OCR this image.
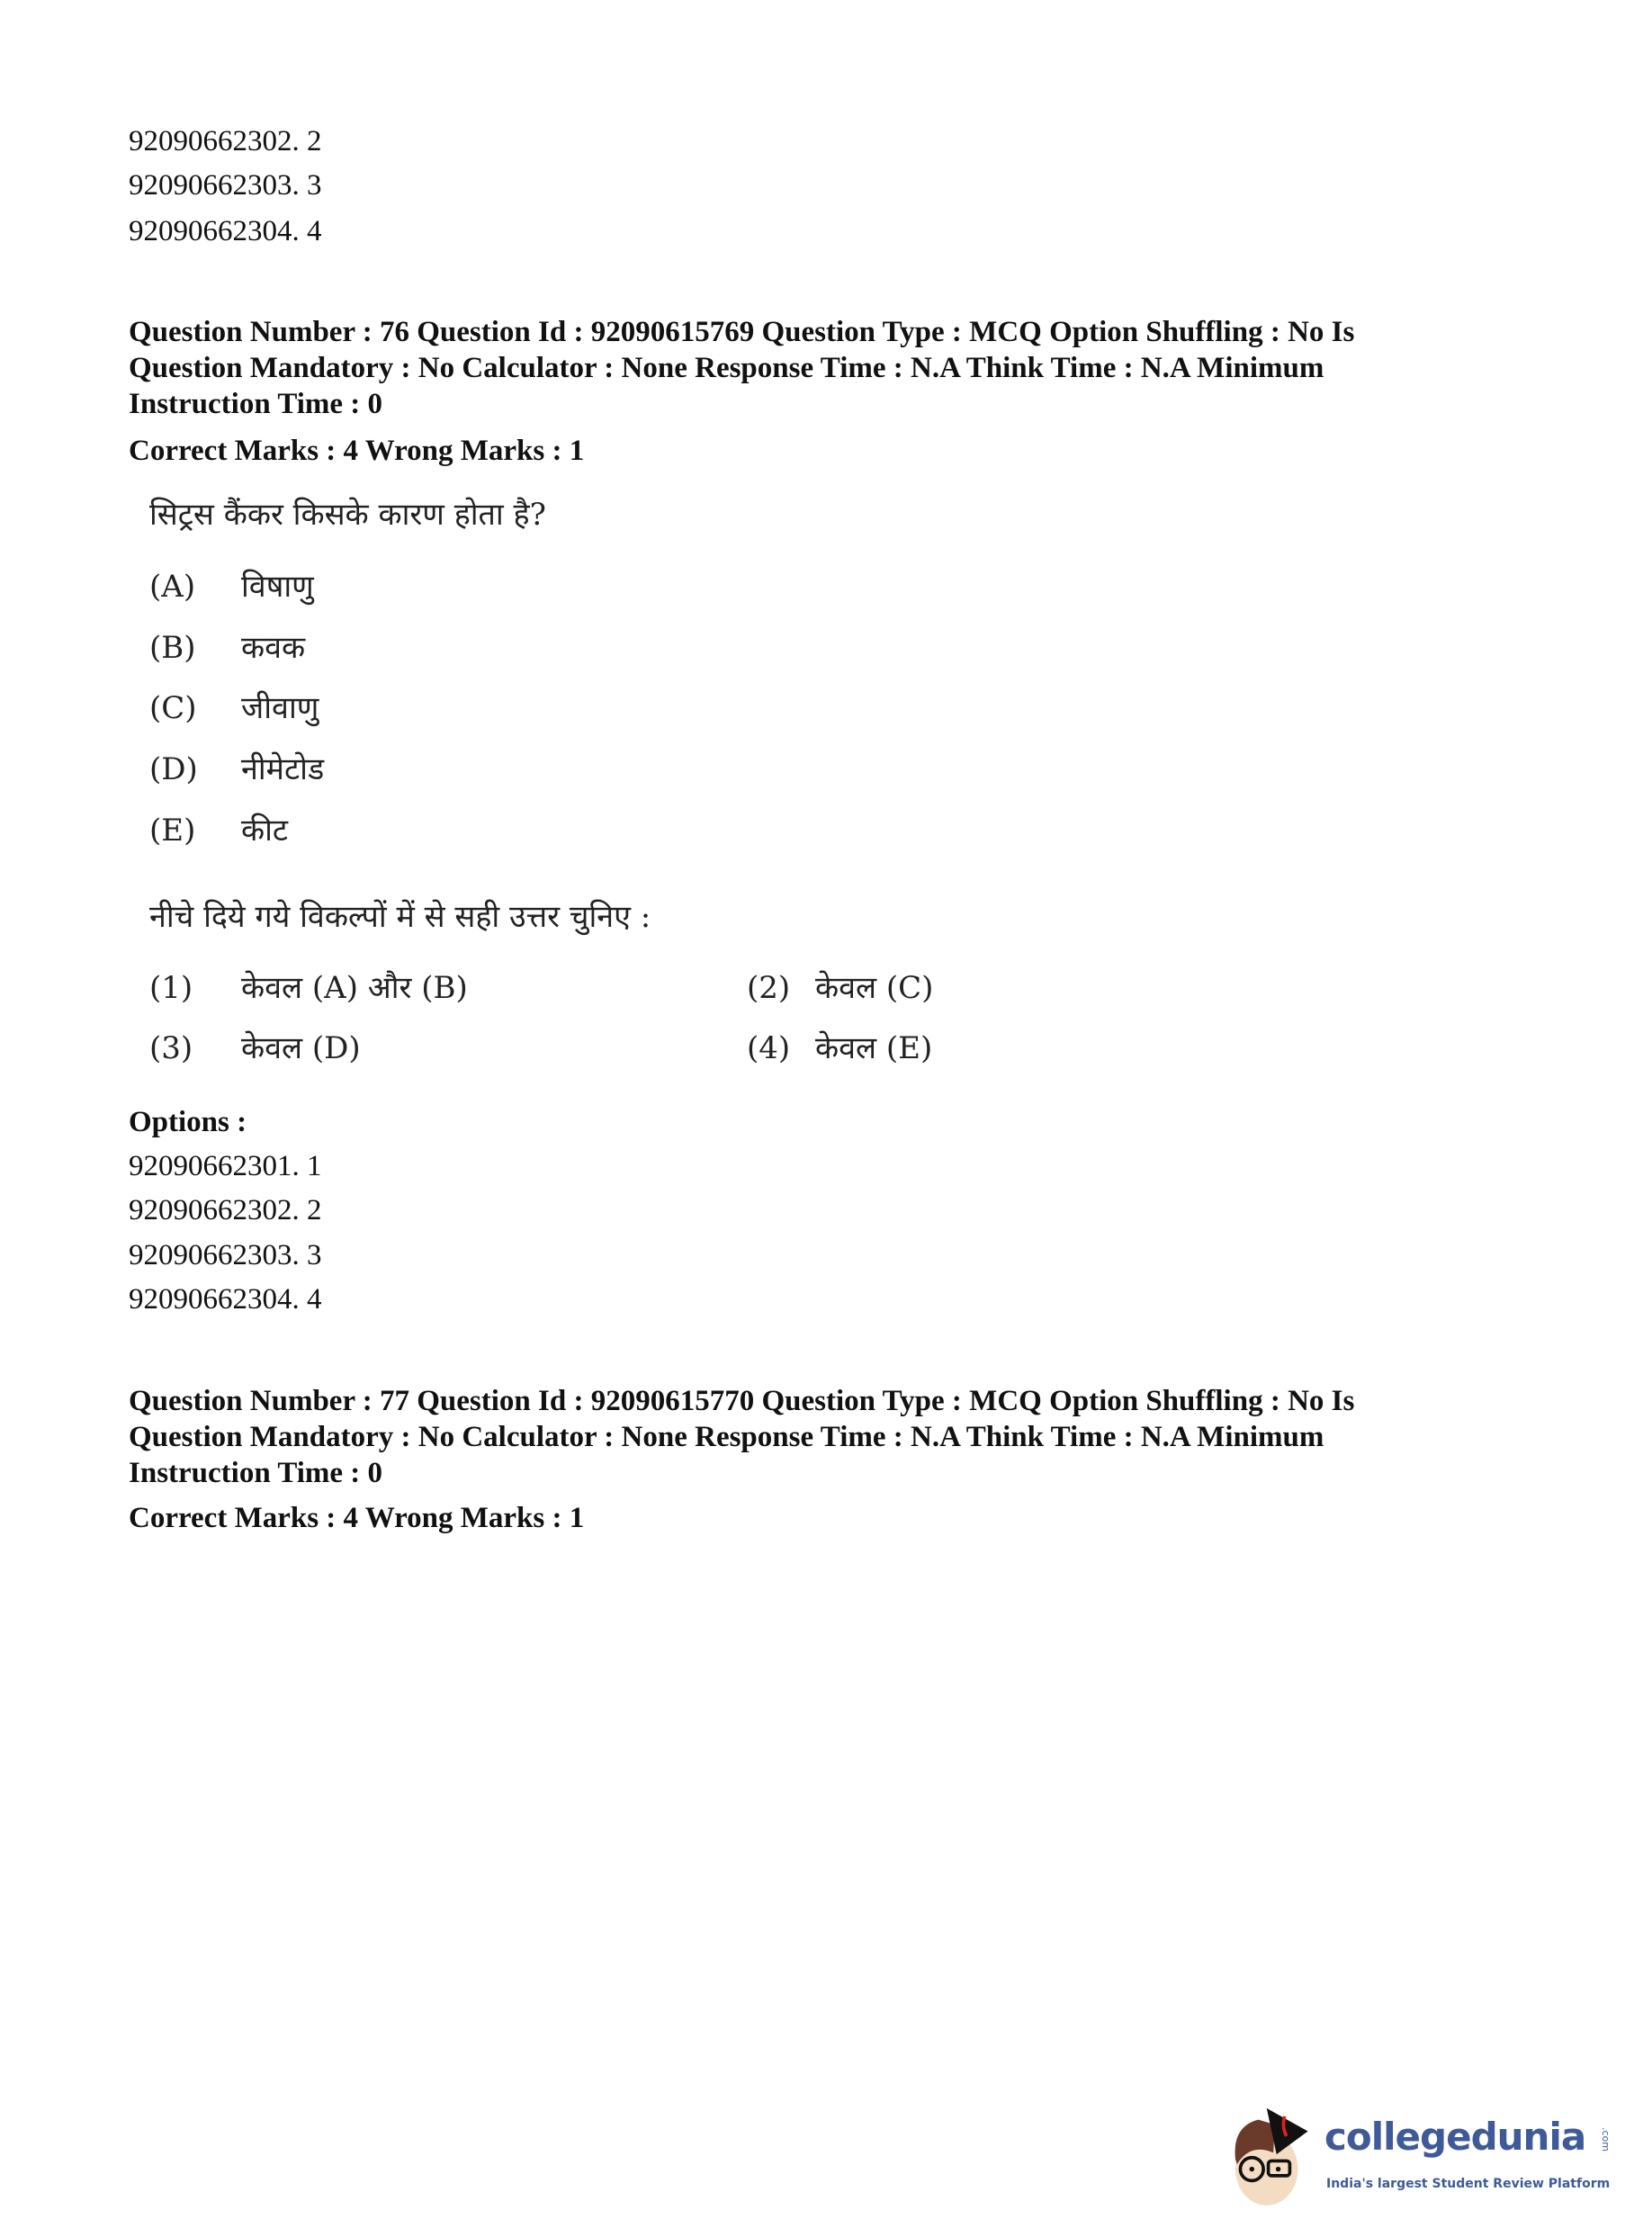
92090662302. 2
92090662303. 3
92090662304. 4
Question Number : 76 Question Id : 92090615769 Question Type : MCQ Option Shuffling : No Is
Question Mandatory : No Calculator : None Response Time : N.A Think Time : N.A Minimum
Instruction Time : 0
Correct Marks : 4 Wrong Marks : 1
सिट्रस कैंकर किसके कारण होता है?
(A) विषाणु
(B) कवक
(C) जीवाणु
(D) नीमेटोड
(E) कीट
नीचे दिये गये विकल्पों में से सही उत्तर चुनिए :
(1) केवल (A) और (B)	(2) केवल (C)
(3) केवल (D)	(4) केवल (E)
Options :
92090662301. 1
92090662302. 2
92090662303. 3
92090662304. 4
Question Number : 77 Question Id : 92090615770 Question Type : MCQ Option Shuffling : No Is
Question Mandatory : No Calculator : None Response Time : N.A Think Time : N.A Minimum
Instruction Time : 0
Correct Marks : 4 Wrong Marks : 1
collegedunia .com
India's largest Student Review Platform
